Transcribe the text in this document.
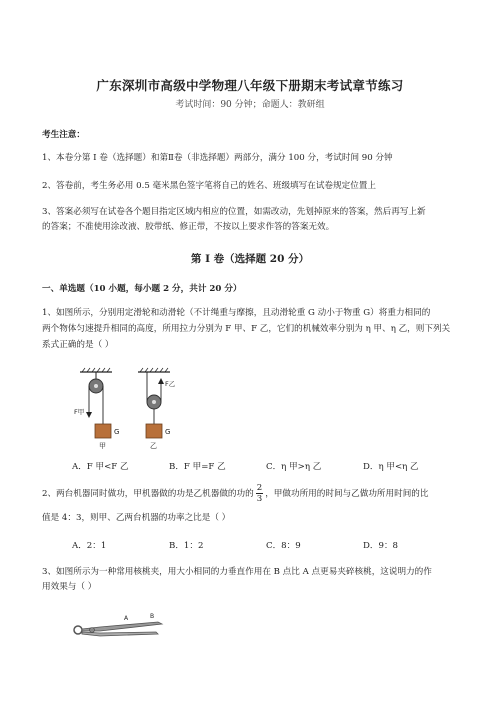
广东深圳市高级中学物理八年级下册期末考试章节练习
考试时间：90 分钟；命题人：教研组
考生注意：
1、本卷分第 I 卷（选择题）和第Ⅱ卷（非选择题）两部分，满分 100 分，考试时间 90 分钟
2、答卷前，考生务必用 0.5 毫米黑色签字笔将自己的姓名、班级填写在试卷规定位置上
3、答案必须写在试卷各个题目指定区域内相应的位置，如需改动，先划掉原来的答案，然后再写上新
的答案；不准使用涂改液、胶带纸、修正带，不按以上要求作答的答案无效。
第 I 卷（选择题 20 分）
一、单选题（10 小题，每小题 2 分，共计 20 分）
1、如图所示，分别用定滑轮和动滑轮（不计绳重与摩擦，且动滑轮重 G 动小于物重 G）将重力相同的
两个物体匀速提升相同的高度，所用拉力分别为 F 甲、F 乙，它们的机械效率分别为 η 甲、η 乙，则下列关
系式正确的是（ ）
F甲
G
甲
F乙
G
乙
A．F 甲<F 乙	B．F 甲=F 乙	C．η 甲>η 乙	D．η 甲<η 乙
2、两台机器同时做功，甲机器做的功是乙机器做的功的 $\frac{2}{3}$ ，甲做功所用的时间与乙做功所用时间的比
值是 4：3，则甲、乙两台机器的功率之比是（ ）
A．2：1	B．1：2	C．8：9	D．9：8
3、如图所示为一种常用核桃夹，用大小相同的力垂直作用在 B 点比 A 点更易夹碎核桃，这说明力的作
用效果与（ ）
A	B
